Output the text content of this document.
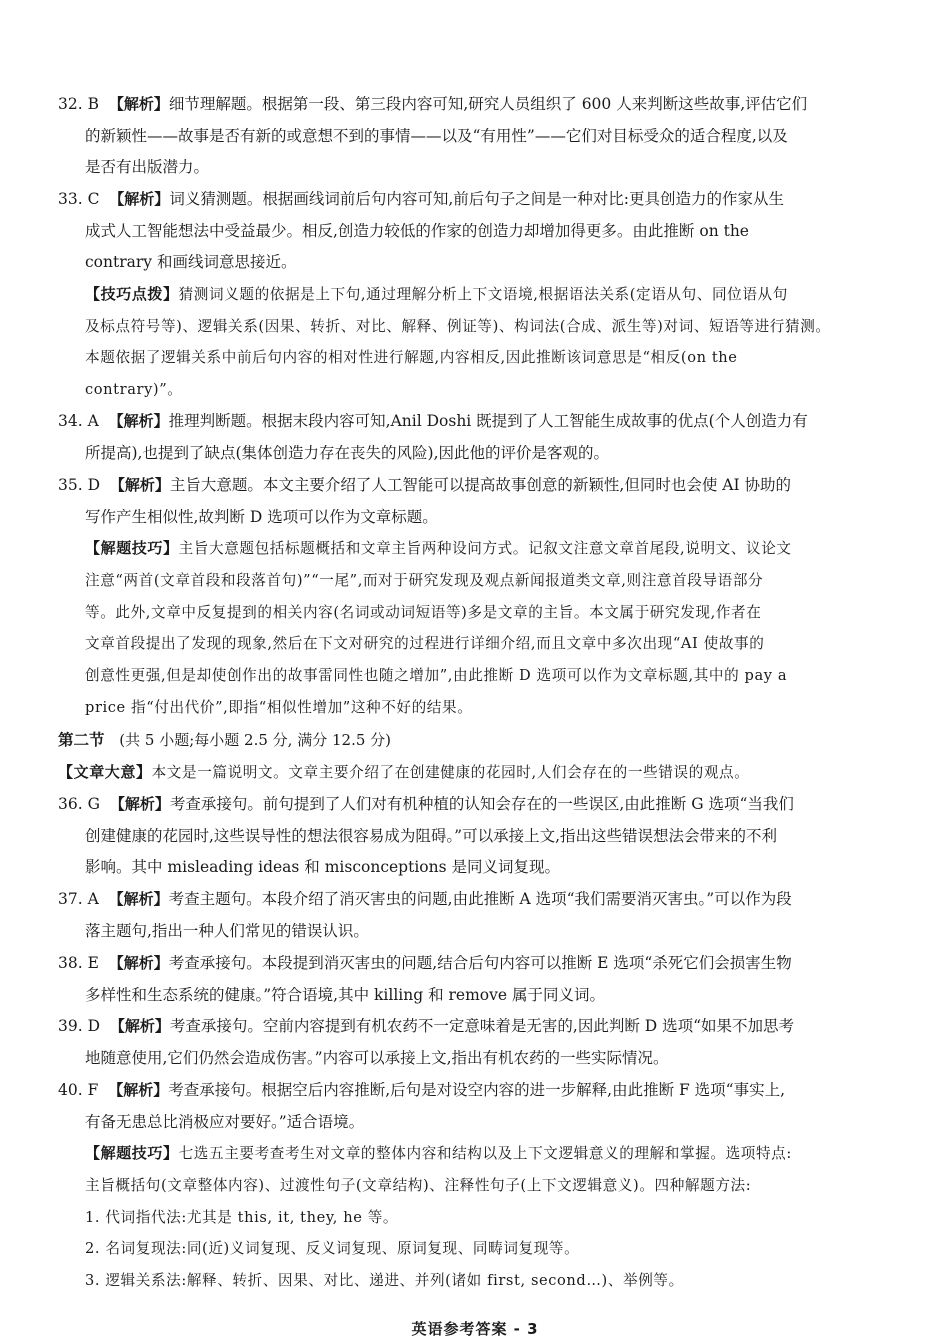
32. B 【解析】细节理解题。根据第一段、第三段内容可知,研究人员组织了 600 人来判断这些故事,评估它们
的新颖性——故事是否有新的或意想不到的事情——以及“有用性”——它们对目标受众的适合程度,以及
是否有出版潜力。
33. C 【解析】词义猜测题。根据画线词前后句内容可知,前后句子之间是一种对比:更具创造力的作家从生
成式人工智能想法中受益最少。相反,创造力较低的作家的创造力却增加得更多。由此推断 on the
contrary 和画线词意思接近。
【技巧点拨】猜测词义题的依据是上下句,通过理解分析上下文语境,根据语法关系(定语从句、同位语从句
及标点符号等)、逻辑关系(因果、转折、对比、解释、例证等)、构词法(合成、派生等)对词、短语等进行猜测。
本题依据了逻辑关系中前后句内容的相对性进行解题,内容相反,因此推断该词意思是“相反(on the
contrary)”。
34. A 【解析】推理判断题。根据末段内容可知,Anil Doshi 既提到了人工智能生成故事的优点(个人创造力有
所提高),也提到了缺点(集体创造力存在丧失的风险),因此他的评价是客观的。
35. D 【解析】主旨大意题。本文主要介绍了人工智能可以提高故事创意的新颖性,但同时也会使 AI 协助的
写作产生相似性,故判断 D 选项可以作为文章标题。
【解题技巧】主旨大意题包括标题概括和文章主旨两种设问方式。记叙文注意文章首尾段,说明文、议论文
注意“两首(文章首段和段落首句)”“一尾”,而对于研究发现及观点新闻报道类文章,则注意首段导语部分
等。此外,文章中反复提到的相关内容(名词或动词短语等)多是文章的主旨。本文属于研究发现,作者在
文章首段提出了发现的现象,然后在下文对研究的过程进行详细介绍,而且文章中多次出现“AI 使故事的
创意性更强,但是却使创作出的故事雷同性也随之增加”,由此推断 D 选项可以作为文章标题,其中的 pay a
price 指“付出代价”,即指“相似性增加”这种不好的结果。
第二节 (共 5 小题;每小题 2.5 分, 满分 12.5 分)
【文章大意】本文是一篇说明文。文章主要介绍了在创建健康的花园时,人们会存在的一些错误的观点。
36. G 【解析】考查承接句。前句提到了人们对有机种植的认知会存在的一些误区,由此推断 G 选项“当我们
创建健康的花园时,这些误导性的想法很容易成为阻碍。”可以承接上文,指出这些错误想法会带来的不利
影响。其中 misleading ideas 和 misconceptions 是同义词复现。
37. A 【解析】考查主题句。本段介绍了消灭害虫的问题,由此推断 A 选项“我们需要消灭害虫。”可以作为段
落主题句,指出一种人们常见的错误认识。
38. E 【解析】考查承接句。本段提到消灭害虫的问题,结合后句内容可以推断 E 选项“杀死它们会损害生物
多样性和生态系统的健康。”符合语境,其中 killing 和 remove 属于同义词。
39. D 【解析】考查承接句。空前内容提到有机农药不一定意味着是无害的,因此判断 D 选项“如果不加思考
地随意使用,它们仍然会造成伤害。”内容可以承接上文,指出有机农药的一些实际情况。
40. F 【解析】考查承接句。根据空后内容推断,后句是对设空内容的进一步解释,由此推断 F 选项“事实上,
有备无患总比消极应对要好。”适合语境。
【解题技巧】七选五主要考查考生对文章的整体内容和结构以及上下文逻辑意义的理解和掌握。选项特点:
主旨概括句(文章整体内容)、过渡性句子(文章结构)、注释性句子(上下文逻辑意义)。四种解题方法:
1. 代词指代法:尤其是 this, it, they, he 等。
2. 名词复现法:同(近)义词复现、反义词复现、原词复现、同畴词复现等。
3. 逻辑关系法:解释、转折、因果、对比、递进、并列(诸如 first, second…)、举例等。
英语参考答案 - 3
